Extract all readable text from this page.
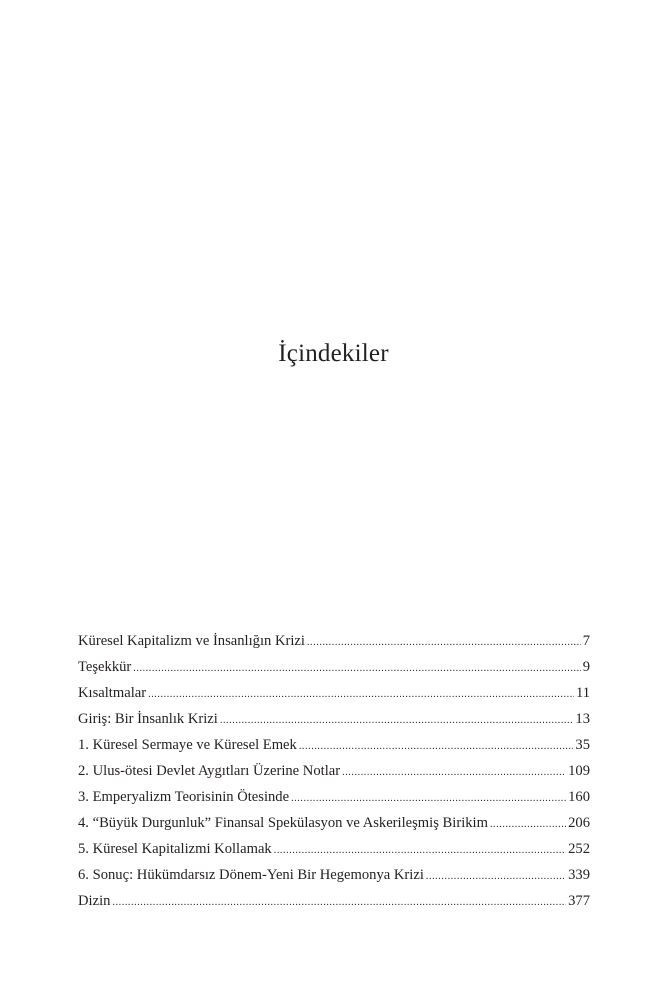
İçindekiler
Küresel Kapitalizm ve İnsanlığın Krizi .....	7
Teşekkür .....	9
Kısaltmalar .....	11
Giriş: Bir İnsanlık Krizi .....	13
1. Küresel Sermaye ve Küresel Emek .....	35
2. Ulus-ötesi Devlet Aygıtları Üzerine Notlar .....	109
3. Emperyalizm Teorisinin Ötesinde .....	160
4. “Büyük Durgunluk” Finansal Spekülasyon ve Askerileşmiş Birikim .....	206
5. Küresel Kapitalizmi Kollamak .....	252
6. Sonuç: Hükümdarsız Dönem-Yeni Bir Hegemonya Krizi .....	339
Dizin .....	377
